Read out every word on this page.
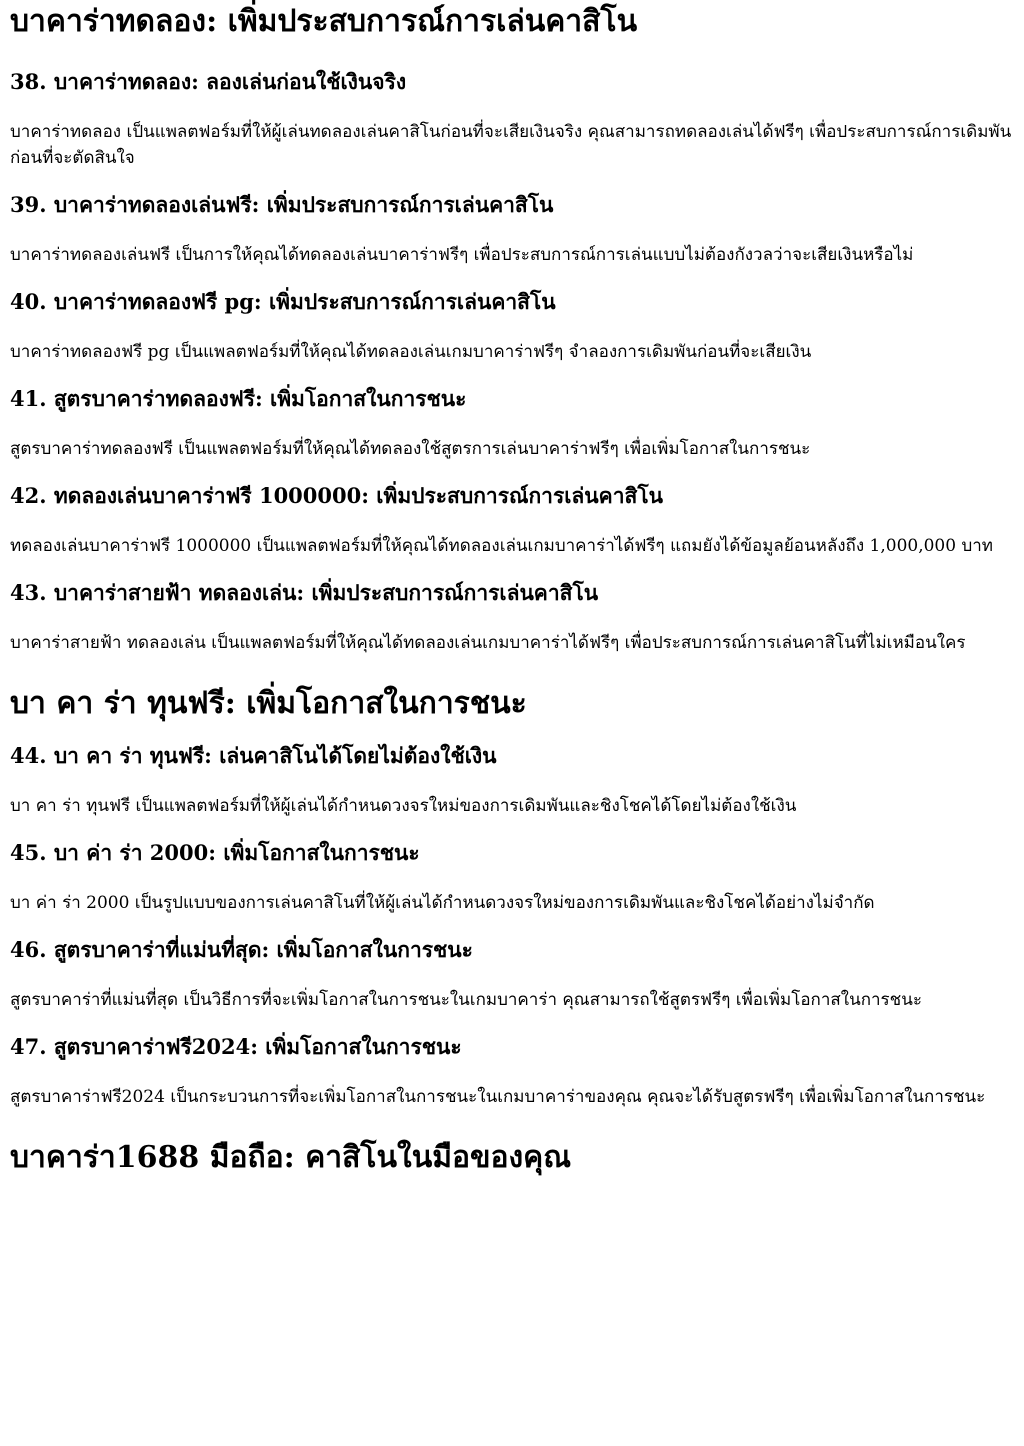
บาคาร่าทดลอง: เพิ่มประสบการณ์การเล่นคาสิโน
38. บาคาร่าทดลอง: ลองเล่นก่อนใช้เงินจริง

บาคาร่าทดลอง เป็นแพลตฟอร์มที่ให้ผู้เล่นทดลองเล่นคาสิโนก่อนที่จะเสียเงินจริง คุณสามารถทดลองเล่นได้ฟรีๆ เพื่อประสบการณ์การเดิมพันก่อนที่จะตัดสินใจ

39. บาคาร่าทดลองเล่นฟรี: เพิ่มประสบการณ์การเล่นคาสิโน

บาคาร่าทดลองเล่นฟรี เป็นการให้คุณได้ทดลองเล่นบาคาร่าฟรีๆ เพื่อประสบการณ์การเล่นแบบไม่ต้องกังวลว่าจะเสียเงินหรือไม่

40. บาคาร่าทดลองฟรี pg: เพิ่มประสบการณ์การเล่นคาสิโน

บาคาร่าทดลองฟรี pg เป็นแพลตฟอร์มที่ให้คุณได้ทดลองเล่นเกมบาคาร่าฟรีๆ จำลองการเดิมพันก่อนที่จะเสียเงิน

41. สูตรบาคาร่าทดลองฟรี: เพิ่มโอกาสในการชนะ

สูตรบาคาร่าทดลองฟรี เป็นแพลตฟอร์มที่ให้คุณได้ทดลองใช้สูตรการเล่นบาคาร่าฟรีๆ เพื่อเพิ่มโอกาสในการชนะ

42. ทดลองเล่นบาคาร่าฟรี 1000000: เพิ่มประสบการณ์การเล่นคาสิโน

ทดลองเล่นบาคาร่าฟรี 1000000 เป็นแพลตฟอร์มที่ให้คุณได้ทดลองเล่นเกมบาคาร่าได้ฟรีๆ แถมยังได้ข้อมูลย้อนหลังถึง 1,000,000 บาท

43. บาคาร่าสายฟ้า ทดลองเล่น: เพิ่มประสบการณ์การเล่นคาสิโน

บาคาร่าสายฟ้า ทดลองเล่น เป็นแพลตฟอร์มที่ให้คุณได้ทดลองเล่นเกมบาคาร่าได้ฟรีๆ เพื่อประสบการณ์การเล่นคาสิโนที่ไม่เหมือนใคร

บา คา ร่า ทุนฟรี: เพิ่มโอกาสในการชนะ
44. บา คา ร่า ทุนฟรี: เล่นคาสิโนได้โดยไม่ต้องใช้เงิน

บา คา ร่า ทุนฟรี เป็นแพลตฟอร์มที่ให้ผู้เล่นได้กำหนดวงจรใหม่ของการเดิมพันและชิงโชคได้โดยไม่ต้องใช้เงิน

45. บา ค่า ร่า 2000: เพิ่มโอกาสในการชนะ

บา ค่า ร่า 2000 เป็นรูปแบบของการเล่นคาสิโนที่ให้ผู้เล่นได้กำหนดวงจรใหม่ของการเดิมพันและชิงโชคได้อย่างไม่จำกัด

46. สูตรบาคาร่าที่แม่นที่สุด: เพิ่มโอกาสในการชนะ

สูตรบาคาร่าที่แม่นที่สุด เป็นวิธีการที่จะเพิ่มโอกาสในการชนะในเกมบาคาร่า คุณสามารถใช้สูตรฟรีๆ เพื่อเพิ่มโอกาสในการชนะ

47. สูตรบาคาร่าฟรี2024: เพิ่มโอกาสในการชนะ

สูตรบาคาร่าฟรี2024 เป็นกระบวนการที่จะเพิ่มโอกาสในการชนะในเกมบาคาร่าของคุณ คุณจะได้รับสูตรฟรีๆ เพื่อเพิ่มโอกาสในการชนะ

บาคาร่า1688 มือถือ: คาสิโนในมือของคุณ
